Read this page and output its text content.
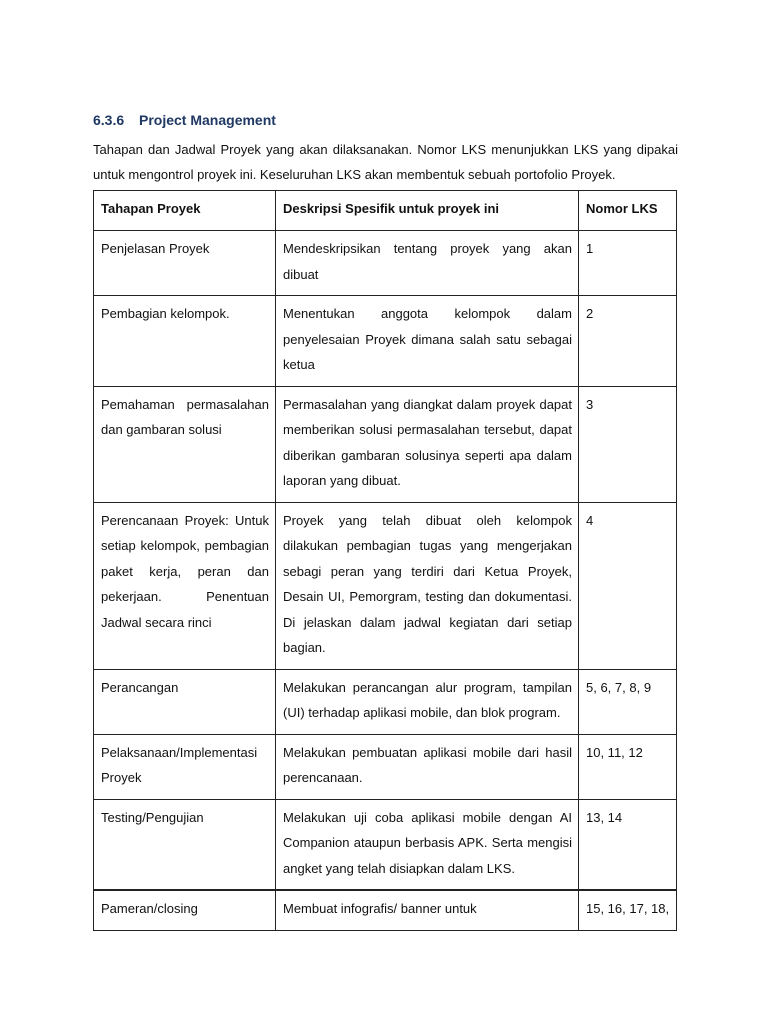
6.3.6 Project Management
Tahapan dan Jadwal Proyek yang akan dilaksanakan. Nomor LKS menunjukkan LKS yang dipakai untuk mengontrol proyek ini. Keseluruhan LKS akan membentuk sebuah portofolio Proyek.
Tahapan Proyek	Deskripsi Spesifik untuk proyek ini	Nomor LKS
Penjelasan Proyek	Mendeskripsikan tentang proyek yang akan dibuat	1
Pembagian kelompok.	Menentukan anggota kelompok dalam penyelesaian Proyek dimana salah satu sebagai ketua	2
Pemahaman permasalahan dan gambaran solusi	Permasalahan yang diangkat dalam proyek dapat memberikan solusi permasalahan tersebut, dapat diberikan gambaran solusinya seperti apa dalam laporan yang dibuat.	3
Perencanaan Proyek: Untuk setiap kelompok, pembagian paket kerja, peran dan pekerjaan. Penentuan Jadwal secara rinci	Proyek yang telah dibuat oleh kelompok dilakukan pembagian tugas yang mengerjakan sebagi peran yang terdiri dari Ketua Proyek, Desain UI, Pemorgram, testing dan dokumentasi. Di jelaskan dalam jadwal kegiatan dari setiap bagian.	4
Perancangan	Melakukan perancangan alur program, tampilan (UI) terhadap aplikasi mobile, dan blok program.	5, 6, 7, 8, 9
Pelaksanaan/Implementasi Proyek	Melakukan pembuatan aplikasi mobile dari hasil perencanaan.	10, 11, 12
Testing/Pengujian	Melakukan uji coba aplikasi mobile dengan AI Companion ataupun berbasis APK. Serta mengisi angket yang telah disiapkan dalam LKS.	13, 14
Pameran/closing	Membuat infografis/ banner untuk	15, 16, 17, 18,
